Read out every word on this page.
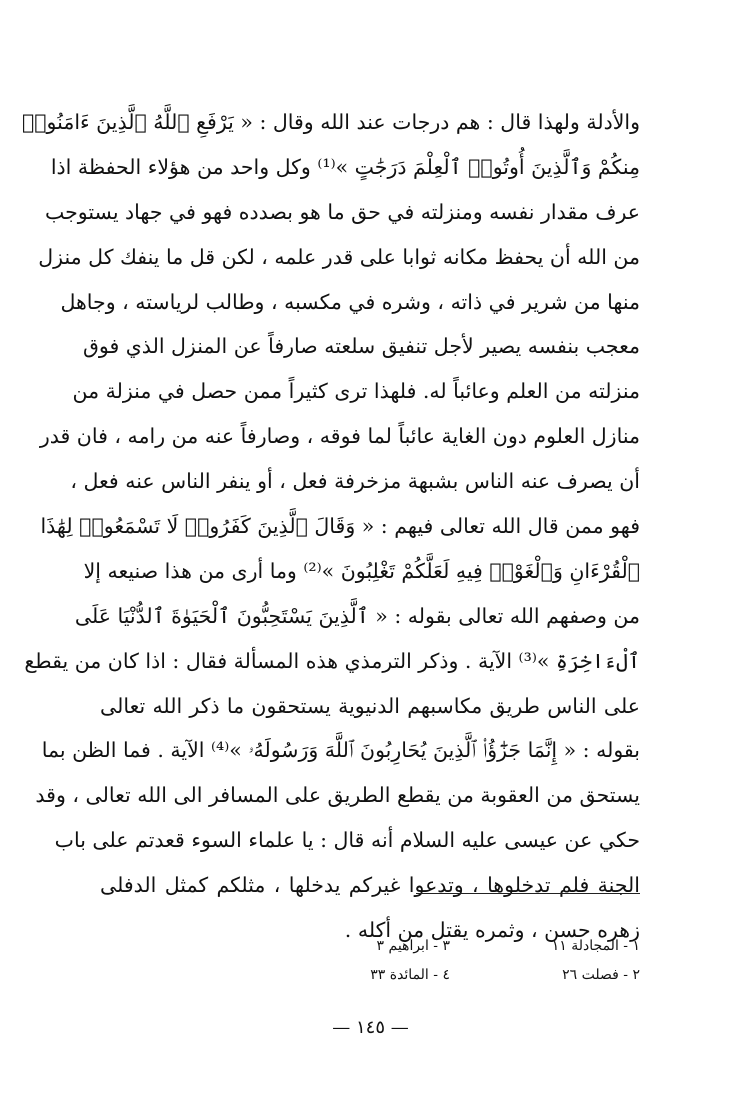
والأدلة ولهذا قال : هم درجات عند الله وقال : « يَرْفَعِ ٱللَّهُ ٱلَّذِينَ ءَامَنُوا۟
مِنكُمْ وَٱلَّذِينَ أُوتُوا۟ ٱلْعِلْمَ دَرَجَٰتٍ »⁽¹⁾ وكل واحد من هؤلاء الحفظة اذا
عرف مقدار نفسه ومنزلته في حق ما هو بصدده فهو في جهاد يستوجب
من الله أن يحفظ مكانه ثوابا على قدر علمه ، لكن قل ما ينفك كل منزل
منها من شرير في ذاته ، وشره في مكسبه ، وطالب لرياسته ، وجاهل
معجب بنفسه يصير لأجل تنفيق سلعته صارفاً عن المنزل الذي فوق
منزلته من العلم وعائباً له. فلهذا ترى كثيراً ممن حصل في منزلة من
منازل العلوم دون الغاية عائباً لما فوقه ، وصارفاً عنه من رامه ، فان قدر
أن يصرف عنه الناس بشبهة مزخرفة فعل ، أو ينفر الناس عنه فعل ،
فهو ممن قال الله تعالى فيهم : « وَقَالَ ٱلَّذِينَ كَفَرُوا۟ لَا تَسْمَعُوا۟ لِهَٰذَا
ٱلْقُرْءَانِ وَٱلْغَوْا۟ فِيهِ لَعَلَّكُمْ تَغْلِبُونَ »⁽²⁾ وما أرى من هذا صنيعه إلا
من وصفهم الله تعالى بقوله : « ٱلَّذِينَ يَسْتَحِبُّونَ ٱلْحَيَوٰةَ ٱلدُّنْيَا عَلَى
ٱلْءَاخِرَةِ »⁽³⁾ الآية . وذكر الترمذي هذه المسألة فقال : اذا كان من يقطع
على الناس طريق مكاسبهم الدنيوية يستحقون ما ذكر الله تعالى
بقوله : « إِنَّمَا جَزَٰٓؤُا۟ ٱلَّذِينَ يُحَارِبُونَ ٱللَّهَ وَرَسُولَهُۥ »⁽⁴⁾ الآية . فما الظن بما
يستحق من العقوبة من يقطع الطريق على المسافر الى الله تعالى ، وقد
حكي عن عيسى عليه السلام أنه قال : يا علماء السوء قعدتم على باب
الجنة فلم تدخلوها ، وتدعوا غيركم يدخلها ، مثلكم كمثل الدفلى
زهره حسن ، وثمره يقتل من أكله .
١ - المجادلة ١١
٣ - ابراهيم ٣
٢ - فصلت ٢٦
٤ - المائدة ٣٣
— ١٤٥ —
